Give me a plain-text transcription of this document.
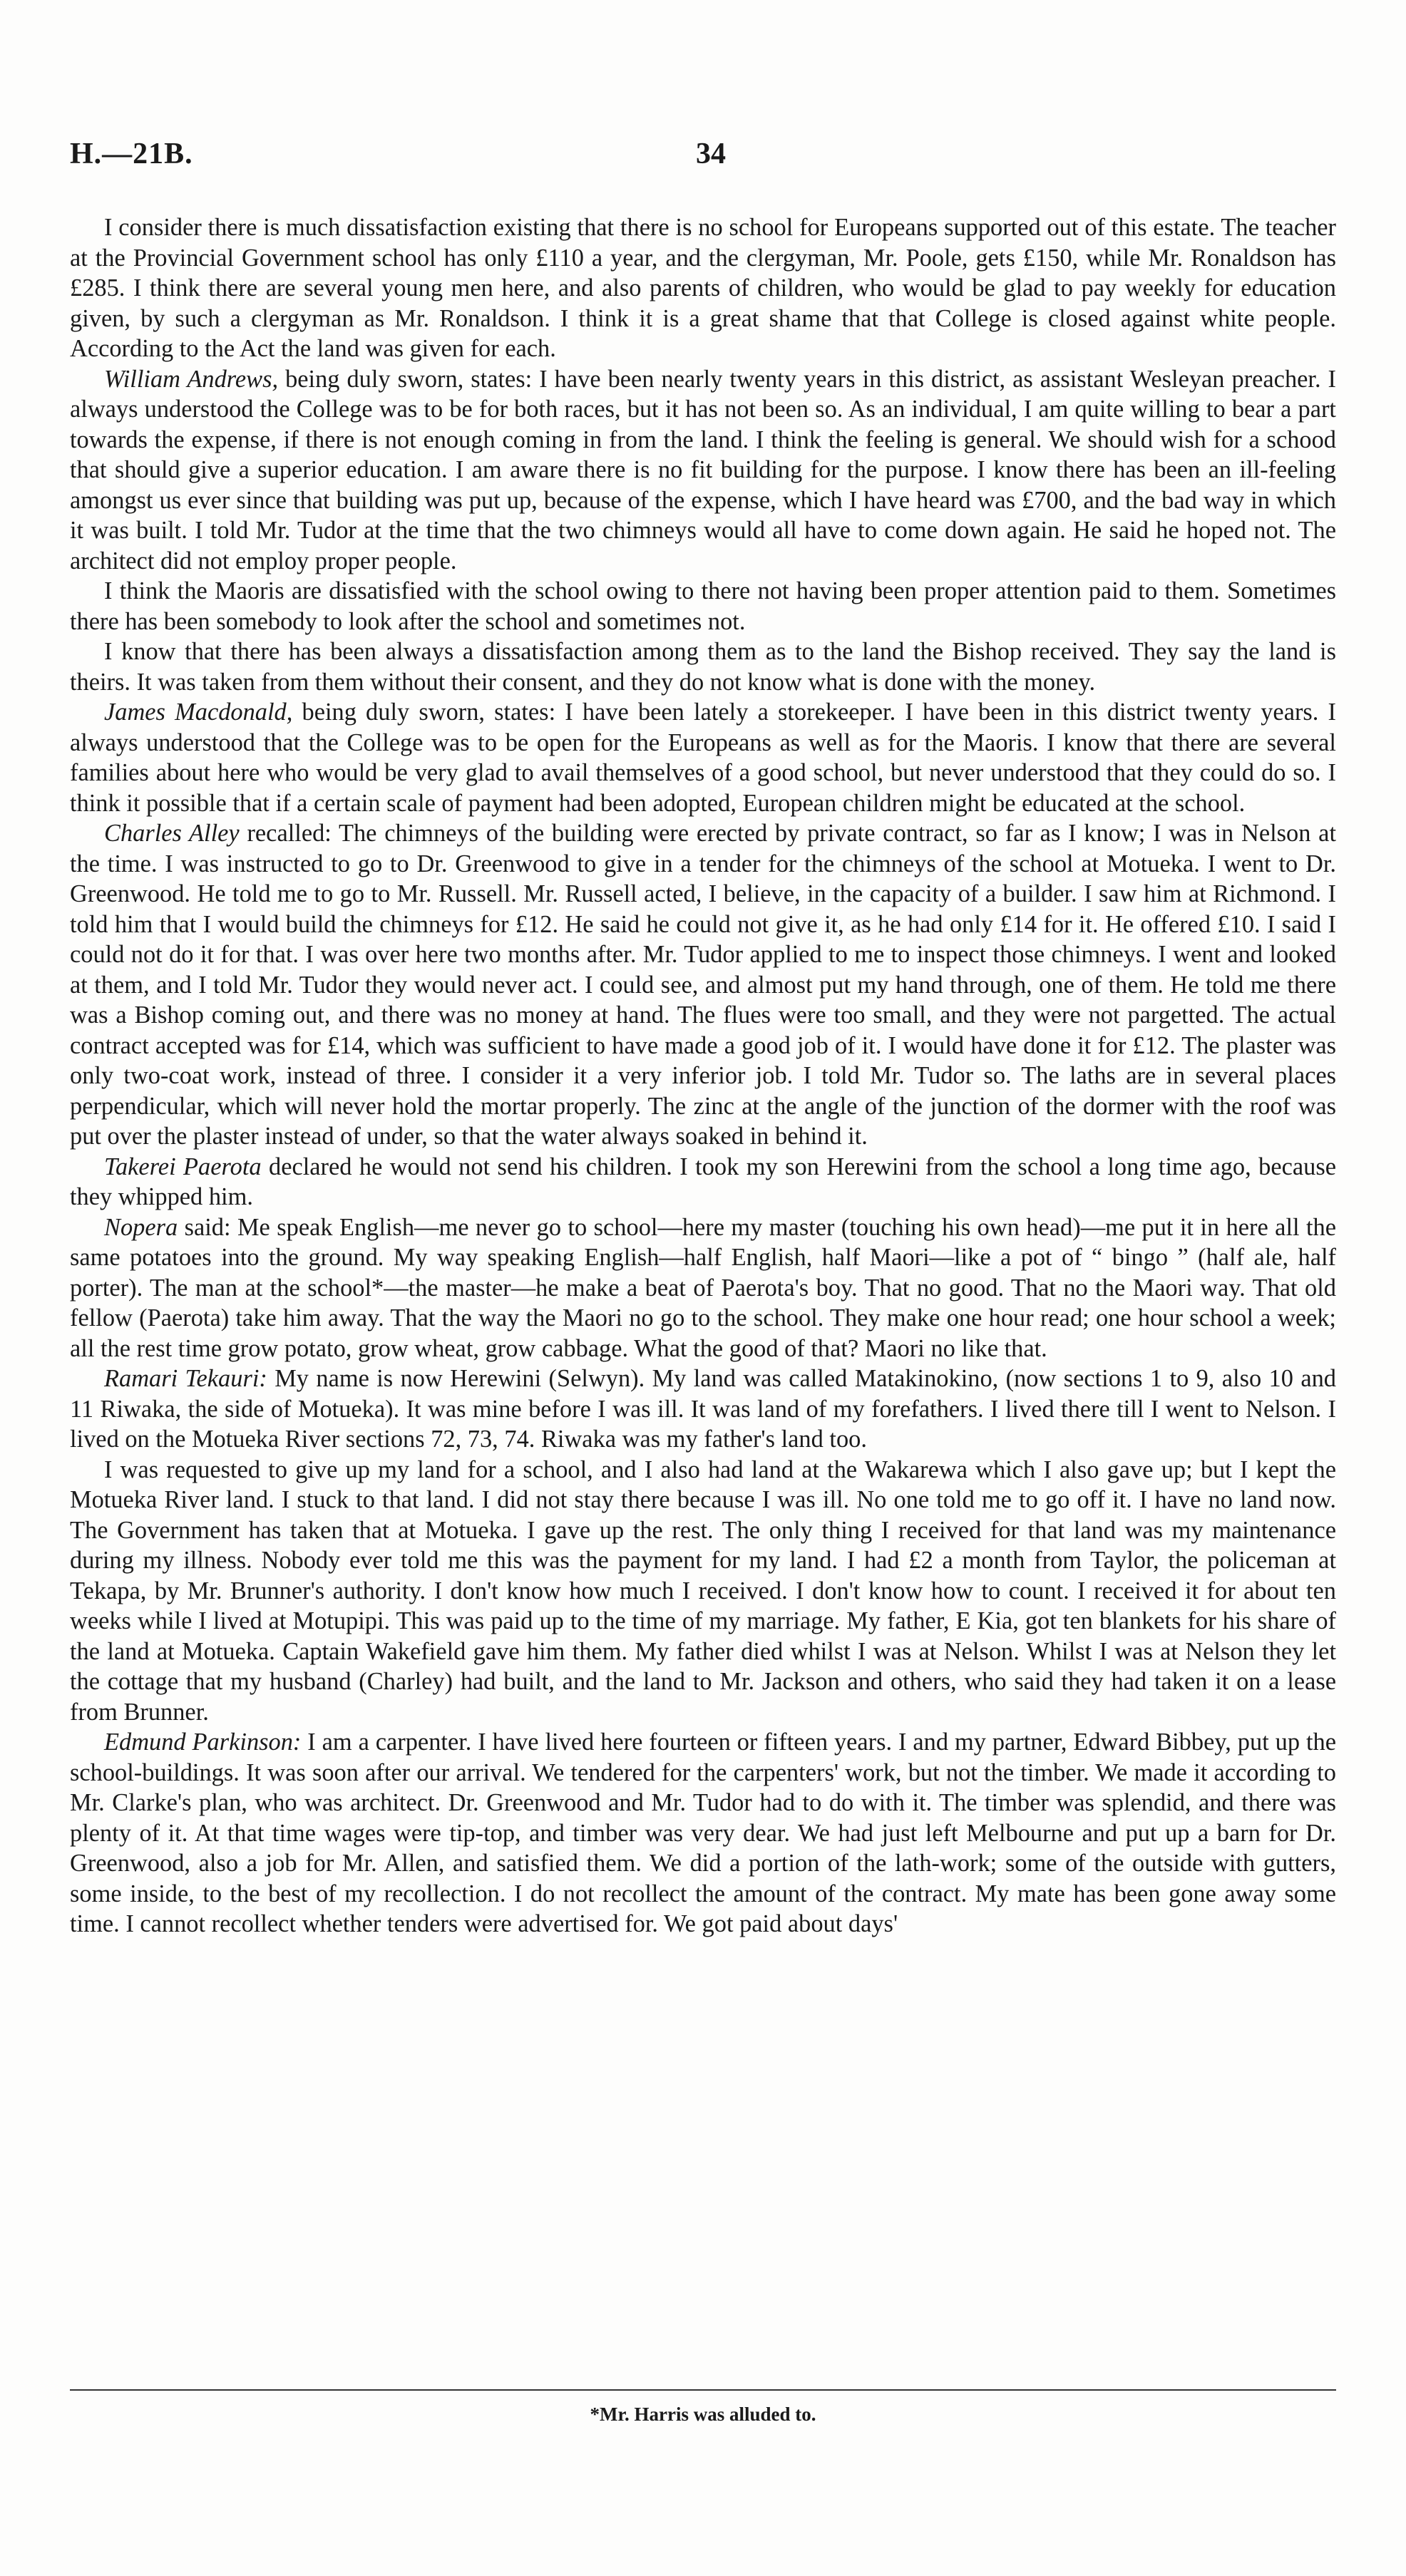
H.—21B.	34

I consider there is much dissatisfaction existing that there is no school for Europeans supported out of this estate. The teacher at the Provincial Government school has only £110 a year, and the clergyman, Mr. Poole, gets £150, while Mr. Ronaldson has £285. I think there are several young men here, and also parents of children, who would be glad to pay weekly for education given, by such a clergyman as Mr. Ronaldson. I think it is a great shame that that College is closed against white people. According to the Act the land was given for each.

William Andrews, being duly sworn, states: I have been nearly twenty years in this district, as assistant Wesleyan preacher. I always understood the College was to be for both races, but it has not been so. As an individual, I am quite willing to bear a part towards the expense, if there is not enough coming in from the land. I think the feeling is general. We should wish for a schood that should give a superior education. I am aware there is no fit building for the purpose. I know there has been an ill-feeling amongst us ever since that building was put up, because of the expense, which I have heard was £700, and the bad way in which it was built. I told Mr. Tudor at the time that the two chimneys would all have to come down again. He said he hoped not. The architect did not employ proper people.

I think the Maoris are dissatisfied with the school owing to there not having been proper attention paid to them. Sometimes there has been somebody to look after the school and sometimes not.

I know that there has been always a dissatisfaction among them as to the land the Bishop received. They say the land is theirs. It was taken from them without their consent, and they do not know what is done with the money.

James Macdonald, being duly sworn, states: I have been lately a storekeeper. I have been in this district twenty years. I always understood that the College was to be open for the Europeans as well as for the Maoris. I know that there are several families about here who would be very glad to avail themselves of a good school, but never understood that they could do so. I think it possible that if a certain scale of payment had been adopted, European children might be educated at the school.

Charles Alley recalled: The chimneys of the building were erected by private contract, so far as I know; I was in Nelson at the time. I was instructed to go to Dr. Greenwood to give in a tender for the chimneys of the school at Motueka. I went to Dr. Greenwood. He told me to go to Mr. Russell. Mr. Russell acted, I believe, in the capacity of a builder. I saw him at Richmond. I told him that I would build the chimneys for £12. He said he could not give it, as he had only £14 for it. He offered £10. I said I could not do it for that. I was over here two months after. Mr. Tudor applied to me to inspect those chimneys. I went and looked at them, and I told Mr. Tudor they would never act. I could see, and almost put my hand through, one of them. He told me there was a Bishop coming out, and there was no money at hand. The flues were too small, and they were not pargetted. The actual contract accepted was for £14, which was sufficient to have made a good job of it. I would have done it for £12. The plaster was only two-coat work, instead of three. I consider it a very inferior job. I told Mr. Tudor so. The laths are in several places perpendicular, which will never hold the mortar properly. The zinc at the angle of the junction of the dormer with the roof was put over the plaster instead of under, so that the water always soaked in behind it.

Takerei Paerota declared he would not send his children. I took my son Herewini from the school a long time ago, because they whipped him.

Nopera said: Me speak English—me never go to school—here my master (touching his own head)—me put it in here all the same potatoes into the ground. My way speaking English—half English, half Maori—like a pot of “ bingo ” (half ale, half porter). The man at the school*—the master—he make a beat of Paerota's boy. That no good. That no the Maori way. That old fellow (Paerota) take him away. That the way the Maori no go to the school. They make one hour read; one hour school a week; all the rest time grow potato, grow wheat, grow cabbage. What the good of that? Maori no like that.

Ramari Tekauri: My name is now Herewini (Selwyn). My land was called Matakinokino, (now sections 1 to 9, also 10 and 11 Riwaka, the side of Motueka). It was mine before I was ill. It was land of my forefathers. I lived there till I went to Nelson. I lived on the Motueka River sections 72, 73, 74. Riwaka was my father's land too.

I was requested to give up my land for a school, and I also had land at the Wakarewa which I also gave up; but I kept the Motueka River land. I stuck to that land. I did not stay there because I was ill. No one told me to go off it. I have no land now. The Government has taken that at Motueka. I gave up the rest. The only thing I received for that land was my maintenance during my illness. Nobody ever told me this was the payment for my land. I had £2 a month from Taylor, the policeman at Tekapa, by Mr. Brunner's authority. I don't know how much I received. I don't know how to count. I received it for about ten weeks while I lived at Motupipi. This was paid up to the time of my marriage. My father, E Kia, got ten blankets for his share of the land at Motueka. Captain Wakefield gave him them. My father died whilst I was at Nelson. Whilst I was at Nelson they let the cottage that my husband (Charley) had built, and the land to Mr. Jackson and others, who said they had taken it on a lease from Brunner.

Edmund Parkinson: I am a carpenter. I have lived here fourteen or fifteen years. I and my partner, Edward Bibbey, put up the school-buildings. It was soon after our arrival. We tendered for the carpenters' work, but not the timber. We made it according to Mr. Clarke's plan, who was architect. Dr. Greenwood and Mr. Tudor had to do with it. The timber was splendid, and there was plenty of it. At that time wages were tip-top, and timber was very dear. We had just left Melbourne and put up a barn for Dr. Greenwood, also a job for Mr. Allen, and satisfied them. We did a portion of the lath-work; some of the outside with gutters, some inside, to the best of my recollection. I do not recollect the amount of the contract. My mate has been gone away some time. I cannot recollect whether tenders were advertised for. We got paid about days'

*Mr. Harris was alluded to.
